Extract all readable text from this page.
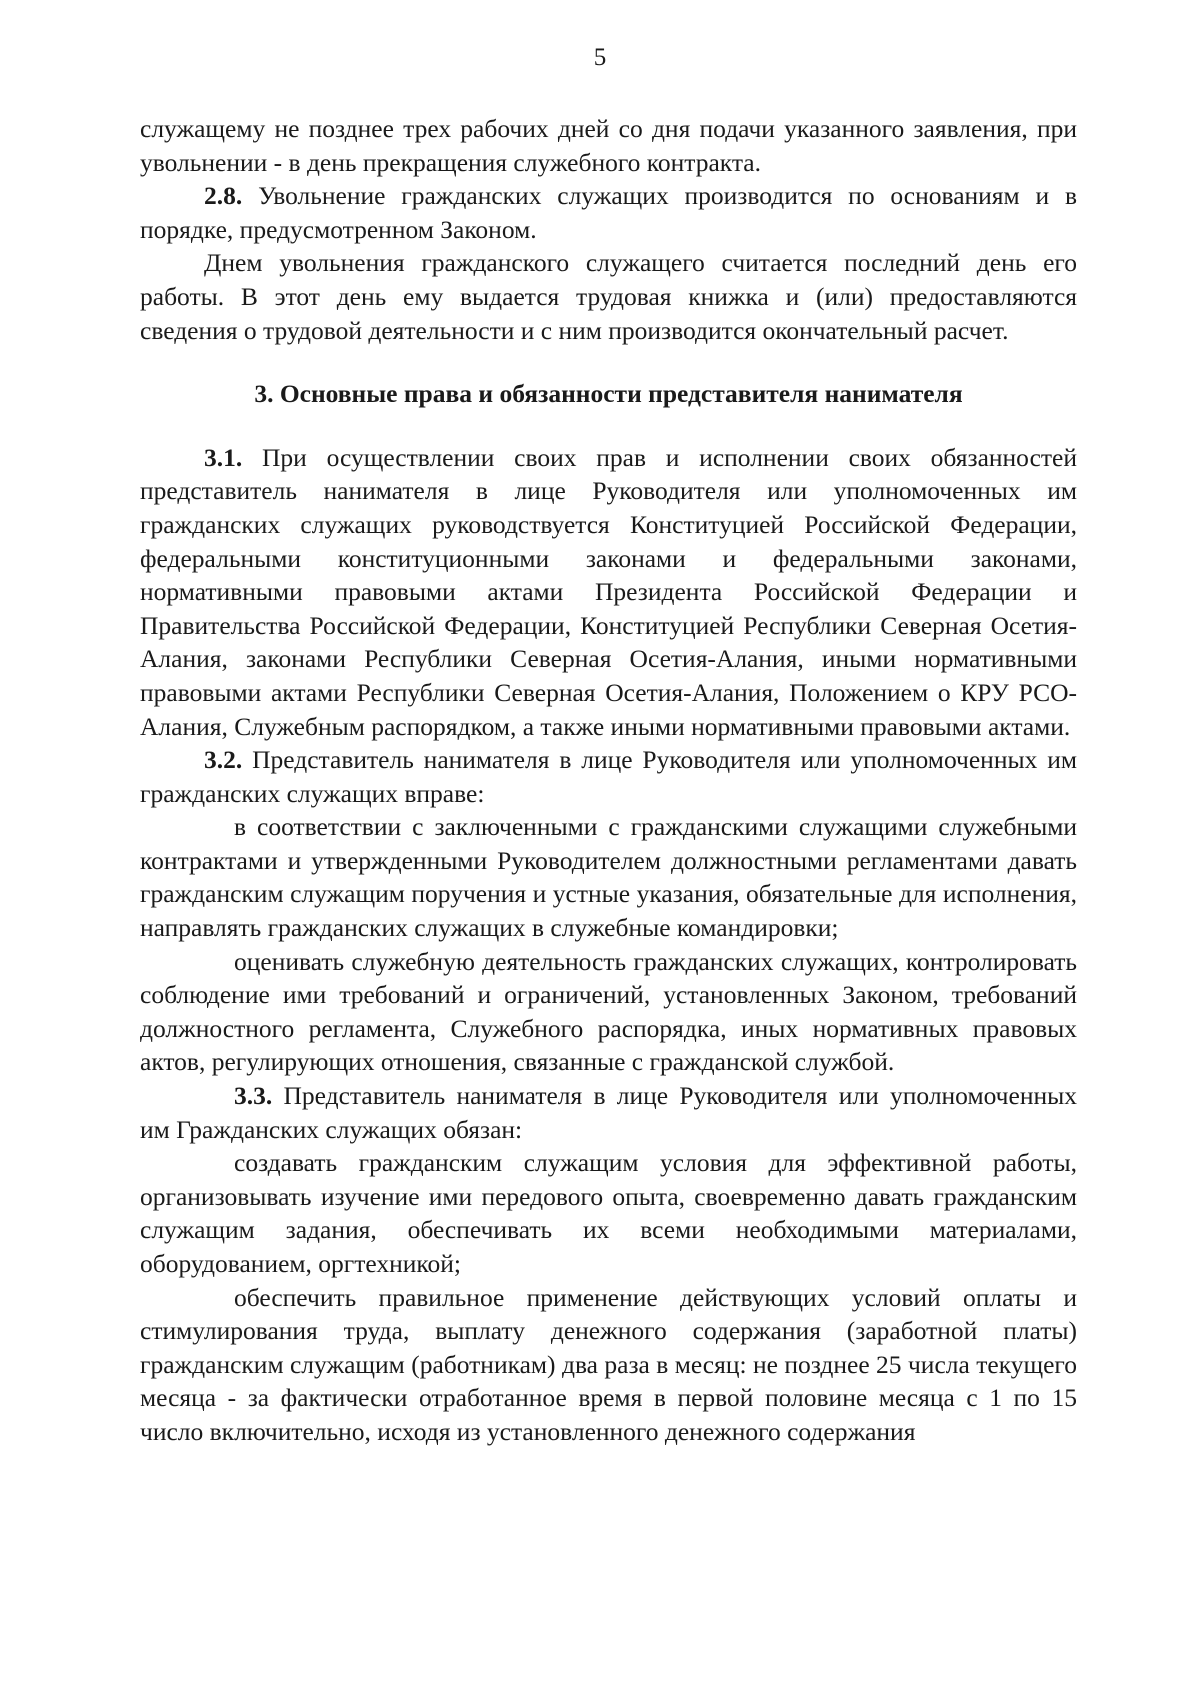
5

служащему не позднее трех рабочих дней со дня подачи указанного заявления, при увольнении - в день прекращения служебного контракта.

2.8. Увольнение гражданских служащих производится по основаниям и в порядке, предусмотренном Законом.

Днем увольнения гражданского служащего считается последний день его работы. В этот день ему выдается трудовая книжка и (или) предоставляются сведения о трудовой деятельности и с ним производится окончательный расчет.

3. Основные права и обязанности представителя нанимателя

3.1. При осуществлении своих прав и исполнении своих обязанностей представитель нанимателя в лице Руководителя или уполномоченных им гражданских служащих руководствуется Конституцией Российской Федерации, федеральными конституционными законами и федеральными законами, нормативными правовыми актами Президента Российской Федерации и Правительства Российской Федерации, Конституцией Республики Северная Осетия-Алания, законами Республики Северная Осетия-Алания, иными нормативными правовыми актами Республики Северная Осетия-Алания, Положением о КРУ РСО-Алания, Служебным распорядком, а также иными нормативными правовыми актами.

3.2. Представитель нанимателя в лице Руководителя или уполномоченных им гражданских служащих вправе:

в соответствии с заключенными с гражданскими служащими служебными контрактами и утвержденными Руководителем должностными регламентами давать гражданским служащим поручения и устные указания, обязательные для исполнения, направлять гражданских служащих в служебные командировки;

оценивать служебную деятельность гражданских служащих, контролировать соблюдение ими требований и ограничений, установленных Законом, требований должностного регламента, Служебного распорядка, иных нормативных правовых актов, регулирующих отношения, связанные с гражданской службой.

3.3. Представитель нанимателя в лице Руководителя или уполномоченных им Гражданских служащих обязан:

создавать гражданским служащим условия для эффективной работы, организовывать изучение ими передового опыта, своевременно давать гражданским служащим задания, обеспечивать их всеми необходимыми материалами, оборудованием, оргтехникой;

обеспечить правильное применение действующих условий оплаты и стимулирования труда, выплату денежного содержания (заработной платы) гражданским служащим (работникам) два раза в месяц: не позднее 25 числа текущего месяца - за фактически отработанное время в первой половине месяца с 1 по 15 число включительно, исходя из установленного денежного содержания
